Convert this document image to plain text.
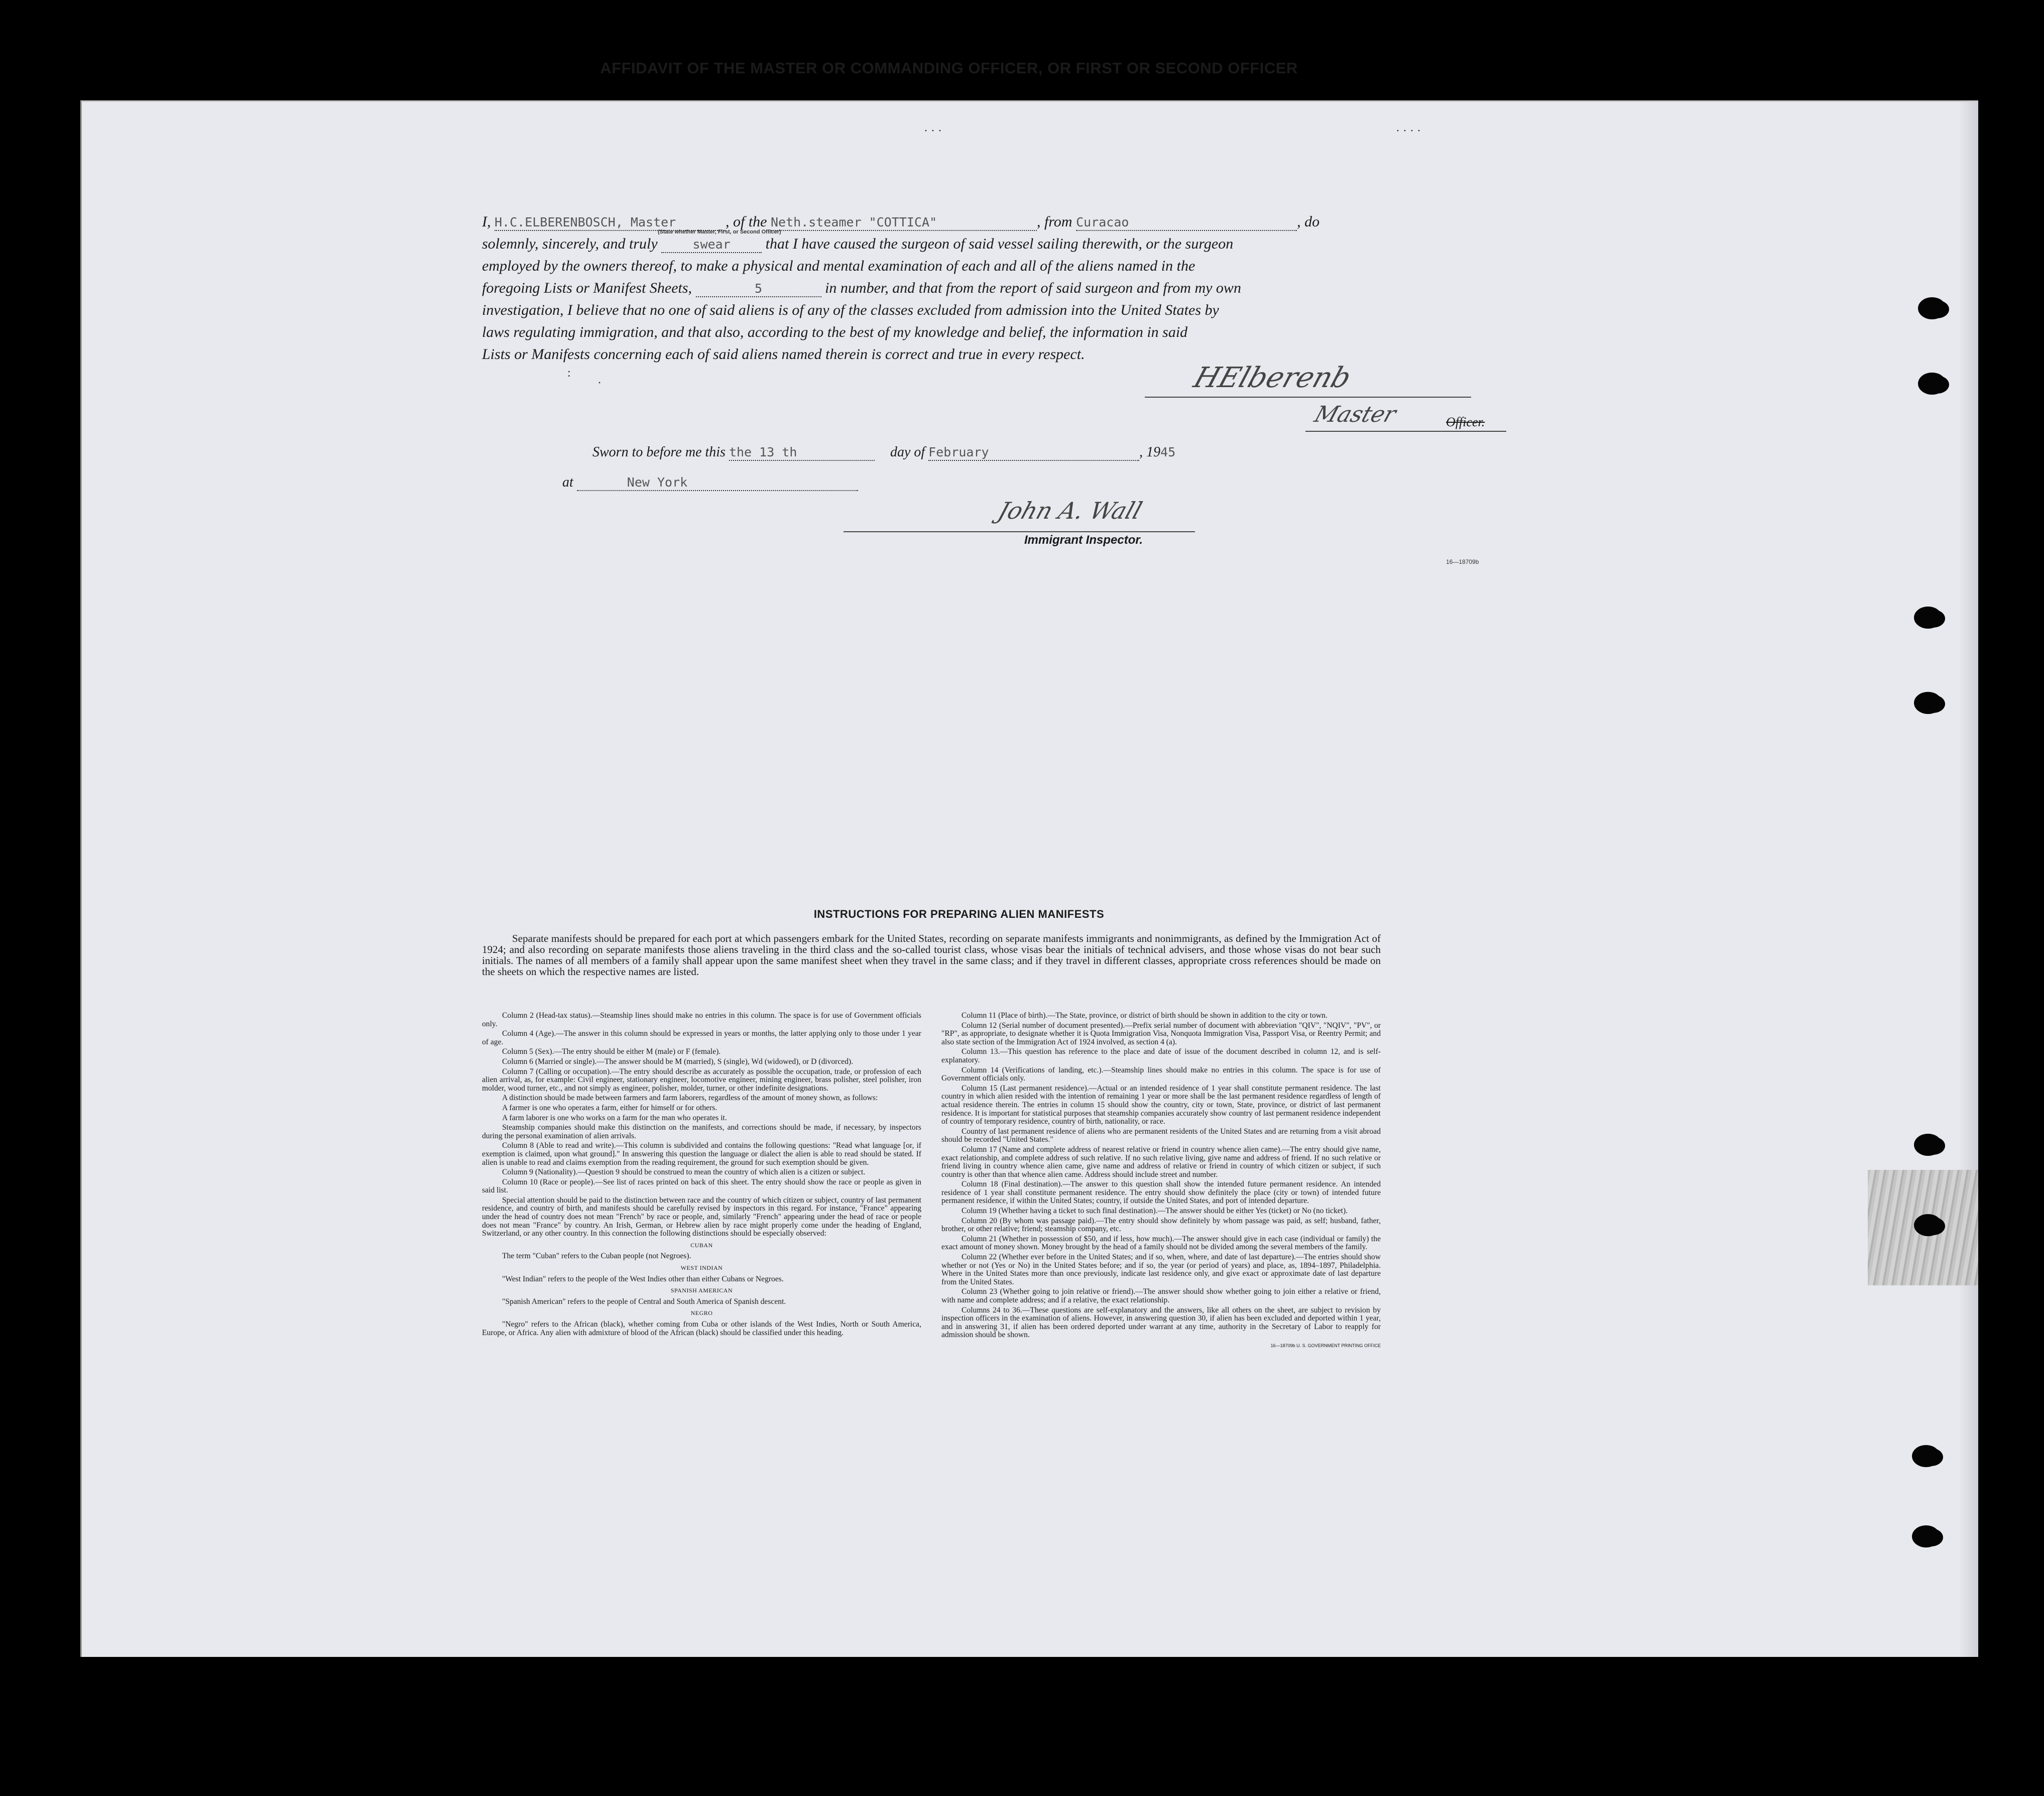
· · ·	· · · ·
AFFIDAVIT OF THE MASTER OR COMMANDING OFFICER, OR FIRST OR SECOND OFFICER
I, H.C.ELBERENBOSCH, Master	, of the Neth.steamer "COTTICA"	, from Curacao	, do
solemnly, sincerely, and truly	swear that I have caused the surgeon of said vessel sailing therewith, or the surgeon
employed by the owners thereof, to make a physical and mental examination of each and all of the aliens named in the
foregoing Lists or Manifest Sheets,	5	in number, and that from the report of said surgeon and from my own
investigation, I believe that no one of said aliens is of any of the classes excluded from admission into the United States by
laws regulating immigration, and that also, according to the best of my knowledge and belief, the information in said
Lists or Manifests concerning each of said aliens named therein is correct and true in every respect.
(State whether Master, First, or Second Officer)
:
·	HElberenb
Master	Officer.
Sworn to before me this the 13 th	day of February	, 1945
at	New York
John A. Wall
Immigrant Inspector.
16—18709b
INSTRUCTIONS FOR PREPARING ALIEN MANIFESTS

Separate manifests should be prepared for each port at which passengers embark for the United States, recording on separate manifests immigrants and nonimmigrants, as defined by the Immigration Act of 1924; and also recording on separate manifests those aliens traveling in the third class and the so-called tourist class, whose visas bear the initials of technical advisers, and those whose visas do not bear such initials. The names of all members of a family shall appear upon the same manifest sheet when they travel in the same class; and if they travel in different classes, appropriate cross references should be made on the sheets on which the respective names are listed.

Column 2 (Head-tax status).—Steamship lines should make no entries in this column. The space is for use of Government officials only.

Column 4 (Age).—The answer in this column should be expressed in years or months, the latter applying only to those under 1 year of age.

Column 5 (Sex).—The entry should be either M (male) or F (female).

Column 6 (Married or single).—The answer should be M (married), S (single), Wd (widowed), or D (divorced).

Column 7 (Calling or occupation).—The entry should describe as accurately as possible the occupation, trade, or profession of each alien arrival, as, for example: Civil engineer, stationary engineer, locomotive engineer, mining engineer, brass polisher, steel polisher, iron molder, wood turner, etc., and not simply as engineer, polisher, molder, turner, or other indefinite designations.

A distinction should be made between farmers and farm laborers, regardless of the amount of money shown, as follows:

A farmer is one who operates a farm, either for himself or for others.

A farm laborer is one who works on a farm for the man who operates it.

Steamship companies should make this distinction on the manifests, and corrections should be made, if necessary, by inspectors during the personal examination of alien arrivals.

Column 8 (Able to read and write).—This column is subdivided and contains the following questions: "Read what language [or, if exemption is claimed, upon what ground]." In answering this question the language or dialect the alien is able to read should be stated. If alien is unable to read and claims exemption from the reading requirement, the ground for such exemption should be given.

Column 9 (Nationality).—Question 9 should be construed to mean the country of which alien is a citizen or subject.

Column 10 (Race or people).—See list of races printed on back of this sheet. The entry should show the race or people as given in said list.

Special attention should be paid to the distinction between race and the country of which citizen or subject, country of last permanent residence, and country of birth, and manifests should be carefully revised by inspectors in this regard. For instance, "France" appearing under the head of country does not mean "French" by race or people, and, similarly "French" appearing under the head of race or people does not mean "France" by country. An Irish, German, or Hebrew alien by race might properly come under the heading of England, Switzerland, or any other country. In this connection the following distinctions should be especially observed:

CUBAN

The term "Cuban" refers to the Cuban people (not Negroes).

WEST INDIAN

"West Indian" refers to the people of the West Indies other than either Cubans or Negroes.

SPANISH AMERICAN

"Spanish American" refers to the people of Central and South America of Spanish descent.

NEGRO

"Negro" refers to the African (black), whether coming from Cuba or other islands of the West Indies, North or South America, Europe, or Africa. Any alien with admixture of blood of the African (black) should be classified under this heading.

Column 11 (Place of birth).—The State, province, or district of birth should be shown in addition to the city or town.

Column 12 (Serial number of document presented).—Prefix serial number of document with abbreviation "QIV", "NQIV", "PV", or "RP", as appropriate, to designate whether it is Quota Immigration Visa, Nonquota Immigration Visa, Passport Visa, or Reentry Permit; and also state section of the Immigration Act of 1924 involved, as section 4 (a).

Column 13.—This question has reference to the place and date of issue of the document described in column 12, and is self-explanatory.

Column 14 (Verifications of landing, etc.).—Steamship lines should make no entries in this column. The space is for use of Government officials only.

Column 15 (Last permanent residence).—Actual or an intended residence of 1 year shall constitute permanent residence. The last country in which alien resided with the intention of remaining 1 year or more shall be the last permanent residence regardless of length of actual residence therein. The entries in column 15 should show the country, city or town, State, province, or district of last permanent residence. It is important for statistical purposes that steamship companies accurately show country of last permanent residence independent of country of temporary residence, country of birth, nationality, or race.

Country of last permanent residence of aliens who are permanent residents of the United States and are returning from a visit abroad should be recorded "United States."

Column 17 (Name and complete address of nearest relative or friend in country whence alien came).—The entry should give name, exact relationship, and complete address of such relative. If no such relative living, give name and address of friend. If no such relative or friend living in country whence alien came, give name and address of relative or friend in country of which citizen or subject, if such country is other than that whence alien came. Address should include street and number.

Column 18 (Final destination).—The answer to this question shall show the intended future permanent residence. An intended residence of 1 year shall constitute permanent residence. The entry should show definitely the place (city or town) of intended future permanent residence, if within the United States; country, if outside the United States, and port of intended departure.

Column 19 (Whether having a ticket to such final destination).—The answer should be either Yes (ticket) or No (no ticket).

Column 20 (By whom was passage paid).—The entry should show definitely by whom passage was paid, as self; husband, father, brother, or other relative; friend; steamship company, etc.

Column 21 (Whether in possession of $50, and if less, how much).—The answer should give in each case (individual or family) the exact amount of money shown. Money brought by the head of a family should not be divided among the several members of the family.

Column 22 (Whether ever before in the United States; and if so, when, where, and date of last departure).—The entries should show whether or not (Yes or No) in the United States before; and if so, the year (or period of years) and place, as, 1894–1897, Philadelphia. Where in the United States more than once previously, indicate last residence only, and give exact or approximate date of last departure from the United States.

Column 23 (Whether going to join relative or friend).—The answer should show whether going to join either a relative or friend, with name and complete address; and if a relative, the exact relationship.

Columns 24 to 36.—These questions are self-explanatory and the answers, like all others on the sheet, are subject to revision by inspection officers in the examination of aliens. However, in answering question 30, if alien has been excluded and deported within 1 year, and in answering 31, if alien has been ordered deported under warrant at any time, authority in the Secretary of Labor to reapply for admission should be shown.

16—18709b U. S. GOVERNMENT PRINTING OFFICE
